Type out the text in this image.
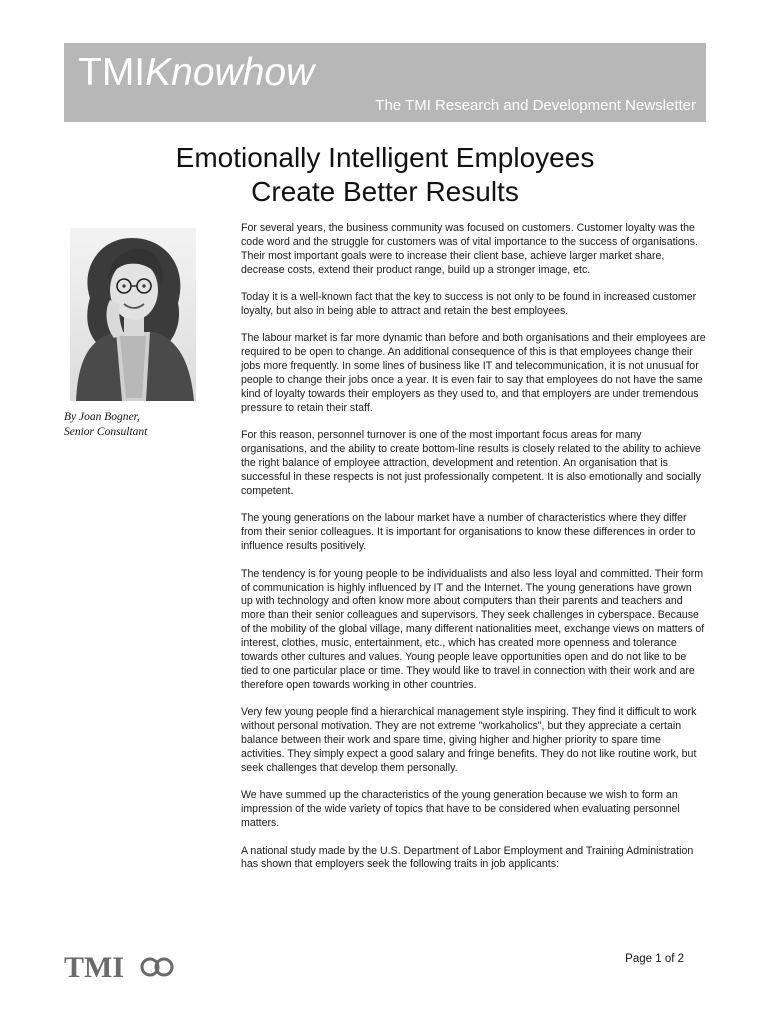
TMIKnowhow
The TMI Research and Development Newsletter
Emotionally Intelligent Employees
Create Better Results
By Joan Bogner,
Senior Consultant

For several years, the business community was focused on customers. Customer loyalty was the code word and the struggle for customers was of vital importance to the success of organisations. Their most important goals were to increase their client base, achieve larger market share, decrease costs, extend their product range, build up a stronger image, etc.

Today it is a well-known fact that the key to success is not only to be found in increased customer loyalty, but also in being able to attract and retain the best employees.

The labour market is far more dynamic than before and both organisations and their employees are required to be open to change. An additional consequence of this is that employees change their jobs more frequently. In some lines of business like IT and telecommunication, it is not unusual for people to change their jobs once a year. It is even fair to say that employees do not have the same kind of loyalty towards their employers as they used to, and that employers are under tremendous pressure to retain their staff.

For this reason, personnel turnover is one of the most important focus areas for many organisations, and the ability to create bottom-line results is closely related to the ability to achieve the right balance of employee attraction, development and retention. An organisation that is successful in these respects is not just professionally competent. It is also emotionally and socially competent.

The young generations on the labour market have a number of characteristics where they differ from their senior colleagues. It is important for organisations to know these differences in order to influence results positively.

The tendency is for young people to be individualists and also less loyal and committed. Their form of communication is highly influenced by IT and the Internet. The young generations have grown up with technology and often know more about computers than their parents and teachers and more than their senior colleagues and supervisors. They seek challenges in cyberspace. Because of the mobility of the global village, many different nationalities meet, exchange views on matters of interest, clothes, music, entertainment, etc., which has created more openness and tolerance towards other cultures and values. Young people leave opportunities open and do not like to be tied to one particular place or time. They would like to travel in connection with their work and are therefore open towards working in other countries.

Very few young people find a hierarchical management style inspiring. They find it difficult to work without personal motivation. They are not extreme "workaholics", but they appreciate a certain balance between their work and spare time, giving higher and higher priority to spare time activities. They simply expect a good salary and fringe benefits. They do not like routine work, but seek challenges that develop them personally.

We have summed up the characteristics of the young generation because we wish to form an impression of the wide variety of topics that have to be considered when evaluating personnel matters.

A national study made by the U.S. Department of Labor Employment and Training Administration has shown that employers seek the following traits in job applicants:

TMI	Page 1 of 2
